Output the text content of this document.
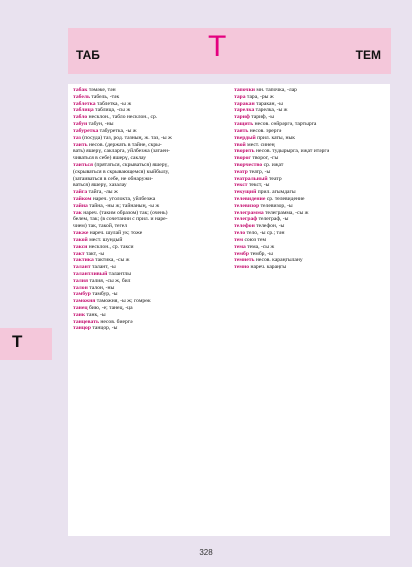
ТАБ	Т	ТЕМ
Т
табак тәмәке, тән
табель табель, -тәк
таблетка таблетка, -ы ж
таблица таблица, -сы ж
табло несклон., табло несклон., ср.
табун табун, -ны
табуретка табуретка, -ы ж
таз (посуда) таз, род. тазның, ж. таз, -ы ж
таить несов. (держать в тайне, скры-
вать) яшерү, сакларга, уйлбезжа (затаен-
чиваться в себе) яшерү, саклау
таиться (прятаться, скрываться) яшерү,
(скрываться в скрывающемся) кыйбылу,
(затаиваться в себе, не обнаружи-
ваться) яшерү, хазалау
тайга тайга, -лы ж
тайком нареч. уголокта, уйлбезжа
тайна тайна, -ны ж; тайнаның, -ы ж
так нареч. (таким образом) так; (очень)
белем, так; (в сочетании с прил. и наре-
чием) так, такой, тегел
также нареч. шулай ук; тоже
такой мест. шундый
такси несклон., ср. такси
такт такт, -ы
тактика тактика, -сы ж
талант талант, -ы
талантливый талантлы
талия талия, -сы ж, бил
талон талон, -ны
тамбур тамбур, -ы
таможня таможня, -ы ж; гомрөк
танец бию, -е; танец, -ца
танк танк, -ы
танцевать несов. биергә
танцор танцор, -ы
тапочки мн. тапочка, -лар
тара тара, -ры ж
таракан таракан, -ы
тарелка тарелка, -ы ж
тариф тариф, -ы
тащить несов. сөйрәргә, тартырга
таять несов. эрергә
твердый прил. каты, нык
твой мест. синең
творить несов. тудырырга, иҗат итәргә
творог творог, -гы
творчество ср. иҗат
театр театр, -ы
театральный театр
текст текст, -ы
текущий прил. агымдагы
телевидение ср. телевидение
телевизор телевизор, -ы
телеграмма телеграмма, -сы ж
телеграф телеграф, -ы
телефон телефон, -ы
тело тело, -ы ср.; тән
тем союз тем
тема тема, -сы ж
тембр тембр, -ы
темнеть несов. караңгылану
темно нареч. караңгы
328
